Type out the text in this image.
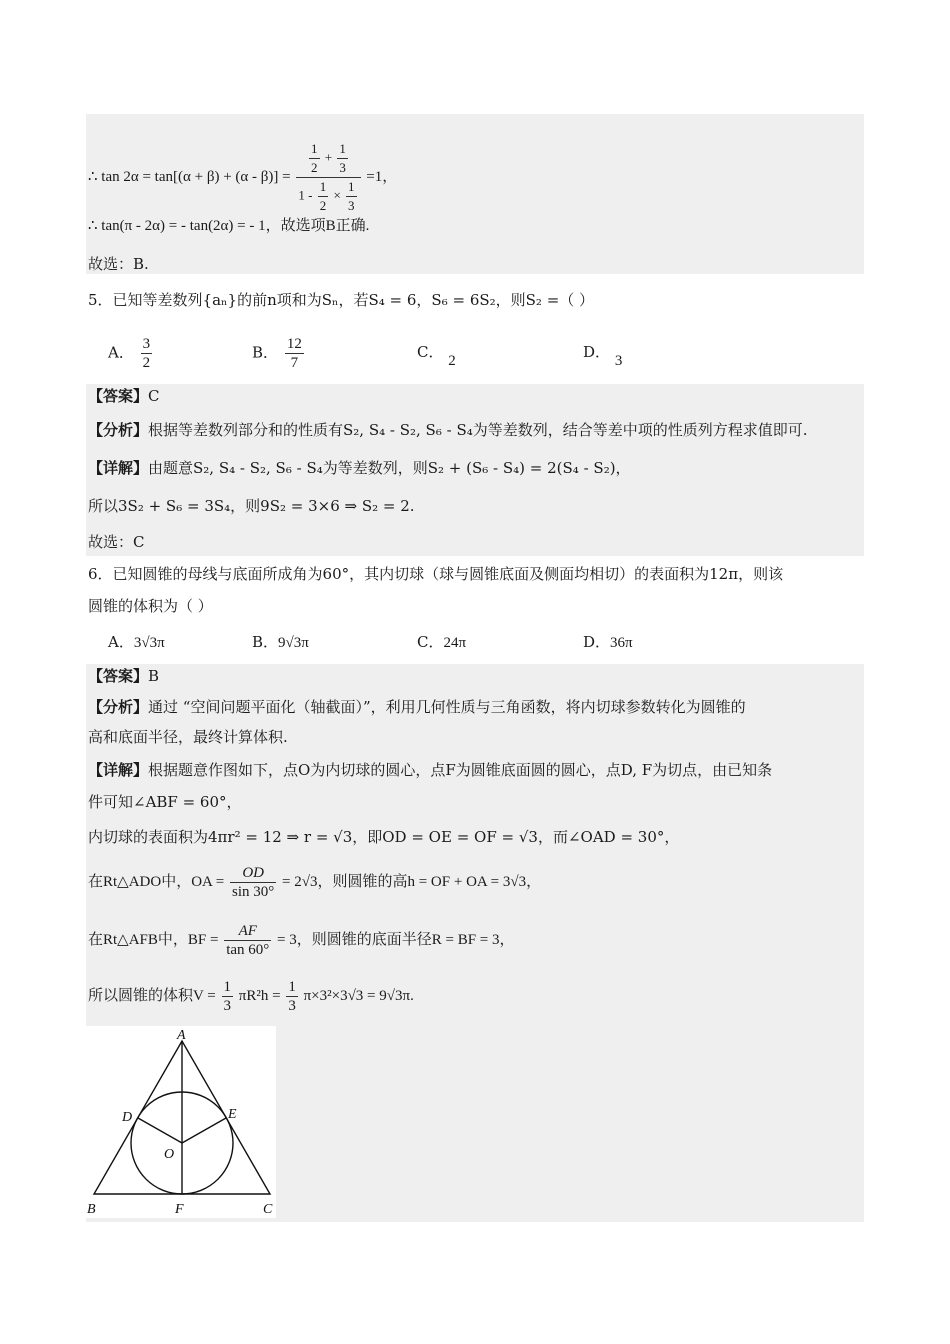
∴ $\tan 2\alpha = \tan[(\alpha + \beta) + (\alpha - \beta)] = \frac{\frac{1}{2} + \frac{1}{3}}{1 - \frac{1}{2} \times \frac{1}{3}} =1$，
∴ tan(π - 2α) = - tan(2α) = - 1，故选项B正确.
故选：B.
5．已知等差数列{aₙ}的前n项和为Sₙ，若S₄ = 6，S₆ = 6S₂，则S₂ =（ ）
A． $\frac{3}{2}$	B． $\frac{12}{7}$	C． 2	D． 3
【答案】C
【分析】根据等差数列部分和的性质有S₂, S₄ - S₂, S₆ - S₄为等差数列，结合等差中项的性质列方程求值即可.
【详解】由题意S₂, S₄ - S₂, S₆ - S₄为等差数列，则S₂ + (S₆ - S₄) = 2(S₄ - S₂)，
所以3S₂ + S₆ = 3S₄，则9S₂ = 3×6 ⇒ S₂ = 2.
故选：C
6．已知圆锥的母线与底面所成角为60°，其内切球（球与圆锥底面及侧面均相切）的表面积为12π，则该
圆锥的体积为（ ）
A．3√3π	B．9√3π	C．24π	D．36π
【答案】B
【分析】通过 “空间问题平面化（轴截面）”，利用几何性质与三角函数，将内切球参数转化为圆锥的
高和底面半径，最终计算体积.
【详解】根据题意作图如下，点O为内切球的圆心，点F为圆锥底面圆的圆心，点D, F为切点，由已知条
件可知∠ABF = 60°，
内切球的表面积为4πr² = 12 ⇒ r = √3，即OD = OE = OF = √3，而∠OAD = 30°，
在Rt△ADO中，OA = $\frac{OD}{\sin 30^\circ} = 2√3$，则圆锥的高h = OF + OA = 3√3，
在Rt△AFB中，BF = $\frac{AF}{\tan 60^\circ} = 3$，则圆锥的底面半径R = BF = 3，
所以圆锥的体积$V = \frac{1}{3} \pi R^2h = \frac{1}{3} \pi\times 3^2\times 3√3 = 9√3\pi$.
A
B	C
D	E
F
O
